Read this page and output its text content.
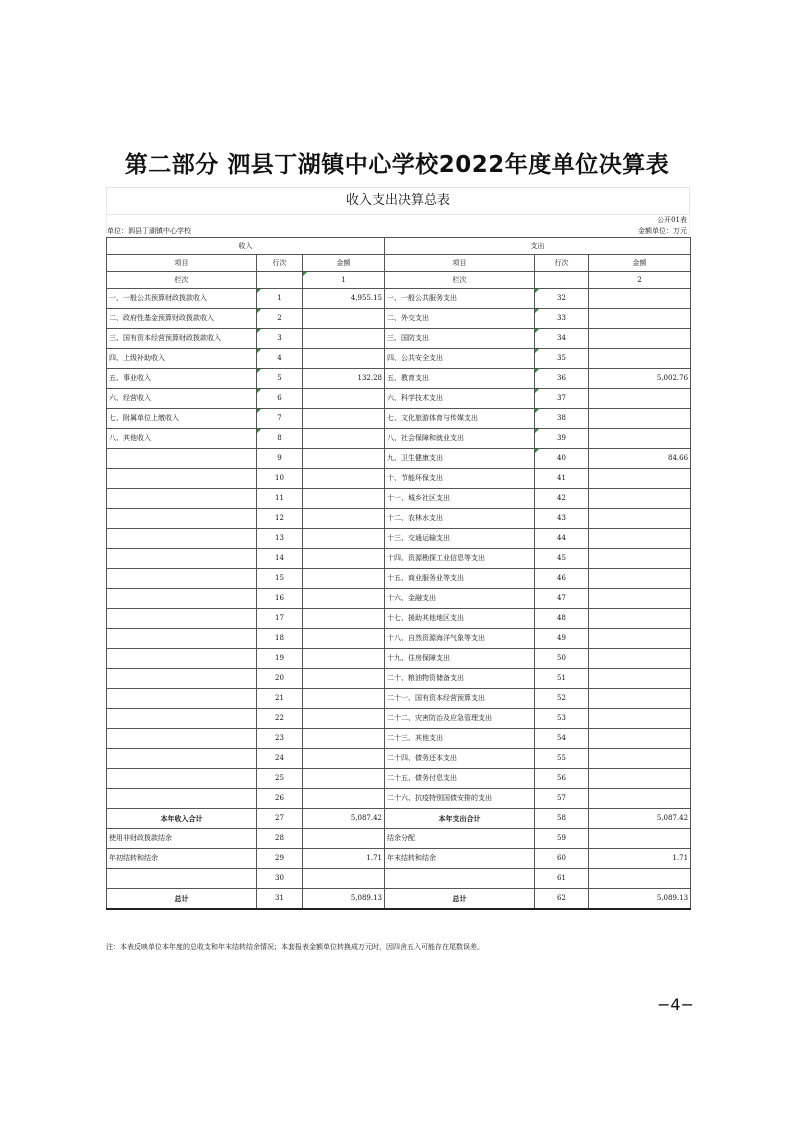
第二部分 泗县丁湖镇中心学校2022年度单位决算表
收入支出决算总表
公开01表
单位：泗县丁湖镇中心学校	金额单位：万元
收入			支出		
项目	行次	金额	项目	行次	金额
栏次		1	栏次		2
一、一般公共预算财政拨款收入	1	4,955.15	一、一般公共服务支出	32	
二、政府性基金预算财政拨款收入	2		二、外交支出	33	
三、国有资本经营预算财政拨款收入	3		三、国防支出	34	
四、上级补助收入	4		四、公共安全支出	35	
五、事业收入	5	132.28	五、教育支出	36	5,002.76
六、经营收入	6		六、科学技术支出	37	
七、附属单位上缴收入	7		七、文化旅游体育与传媒支出	38	
八、其他收入	8		八、社会保障和就业支出	39	
	9		九、卫生健康支出	40	84.66
	10		十、节能环保支出	41	
	11		十一、城乡社区支出	42	
	12		十二、农林水支出	43	
	13		十三、交通运输支出	44	
	14		十四、资源勘探工业信息等支出	45	
	15		十五、商业服务业等支出	46	
	16		十六、金融支出	47	
	17		十七、援助其他地区支出	48	
	18		十八、自然资源海洋气象等支出	49	
	19		十九、住房保障支出	50	
	20		二十、粮油物资储备支出	51	
	21		二十一、国有资本经营预算支出	52	
	22		二十二、灾害防治及应急管理支出	53	
	23		二十三、其他支出	54	
	24		二十四、债务还本支出	55	
	25		二十五、债务付息支出	56	
	26		二十六、抗疫特别国债安排的支出	57	
本年收入合计	27	5,087.42	本年支出合计	58	5,087.42
使用非财政拨款结余	28		结余分配	59	
年初结转和结余	29	1.71	年末结转和结余	60	1.71
	30			61	
总计	31	5,089.13	总计	62	5,089.13
注：本表反映单位本年度的总收支和年末结转结余情况；本套报表金额单位转换成万元时，因四舍五入可能存在尾数误差。
−4−
